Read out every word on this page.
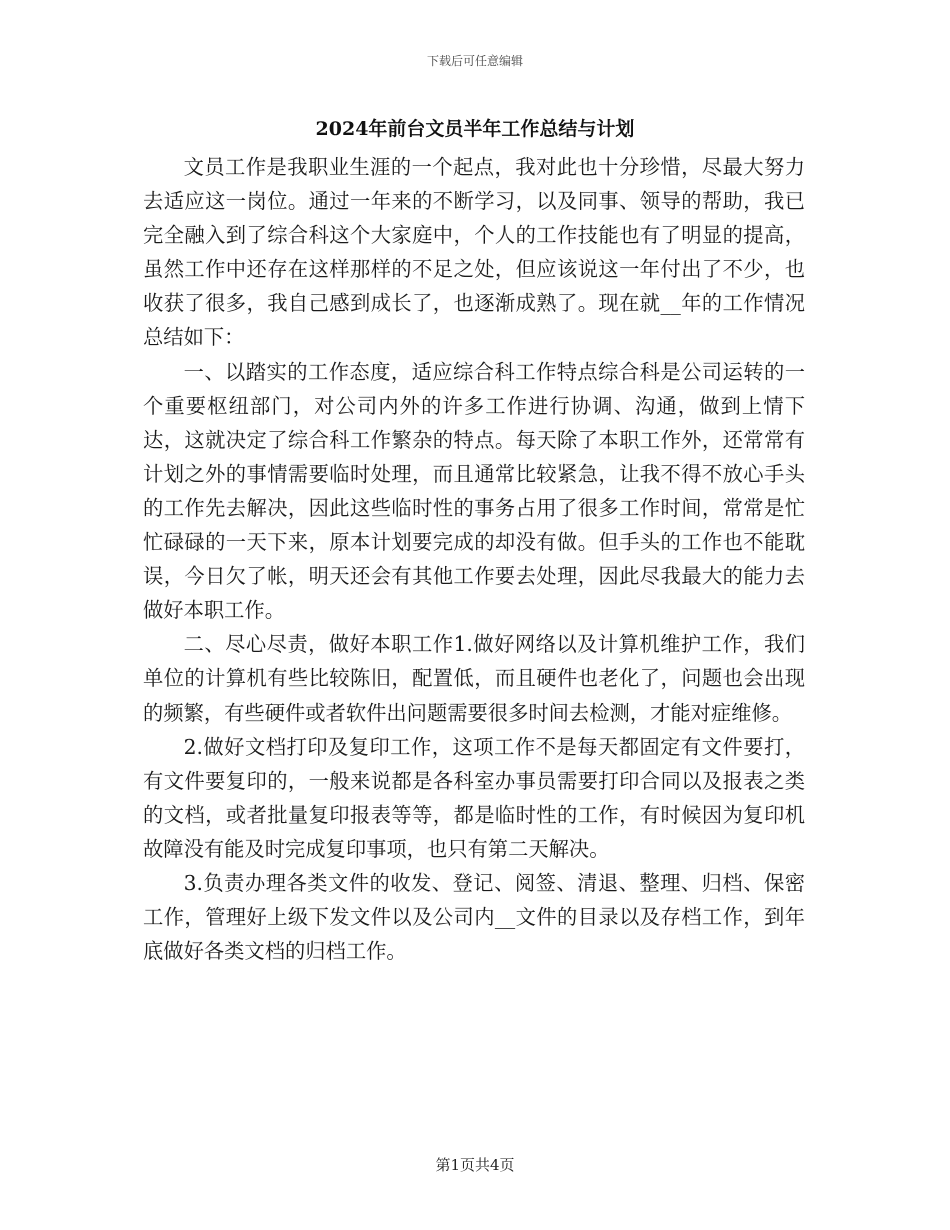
下载后可任意编辑
2024年前台文员半年工作总结与计划

文员工作是我职业生涯的一个起点，我对此也十分珍惜，尽最大努力去适应这一岗位。通过一年来的不断学习，以及同事、领导的帮助，我已完全融入到了综合科这个大家庭中，个人的工作技能也有了明显的提高，虽然工作中还存在这样那样的不足之处，但应该说这一年付出了不少，也收获了很多，我自己感到成长了，也逐渐成熟了。现在就__年的工作情况总结如下：

一、以踏实的工作态度，适应综合科工作特点综合科是公司运转的一个重要枢纽部门，对公司内外的许多工作进行协调、沟通，做到上情下达，这就决定了综合科工作繁杂的特点。每天除了本职工作外，还常常有计划之外的事情需要临时处理，而且通常比较紧急，让我不得不放心手头的工作先去解决，因此这些临时性的事务占用了很多工作时间，常常是忙忙碌碌的一天下来，原本计划要完成的却没有做。但手头的工作也不能耽误，今日欠了帐，明天还会有其他工作要去处理，因此尽我最大的能力去做好本职工作。

二、尽心尽责，做好本职工作1.做好网络以及计算机维护工作，我们单位的计算机有些比较陈旧，配置低，而且硬件也老化了，问题也会出现的频繁，有些硬件或者软件出问题需要很多时间去检测，才能对症维修。

2.做好文档打印及复印工作，这项工作不是每天都固定有文件要打，有文件要复印的，一般来说都是各科室办事员需要打印合同以及报表之类的文档，或者批量复印报表等等，都是临时性的工作，有时候因为复印机故障没有能及时完成复印事项，也只有第二天解决。

3.负责办理各类文件的收发、登记、阅签、清退、整理、归档、保密工作，管理好上级下发文件以及公司内__文件的目录以及存档工作，到年底做好各类文档的归档工作。

第1页共4页
